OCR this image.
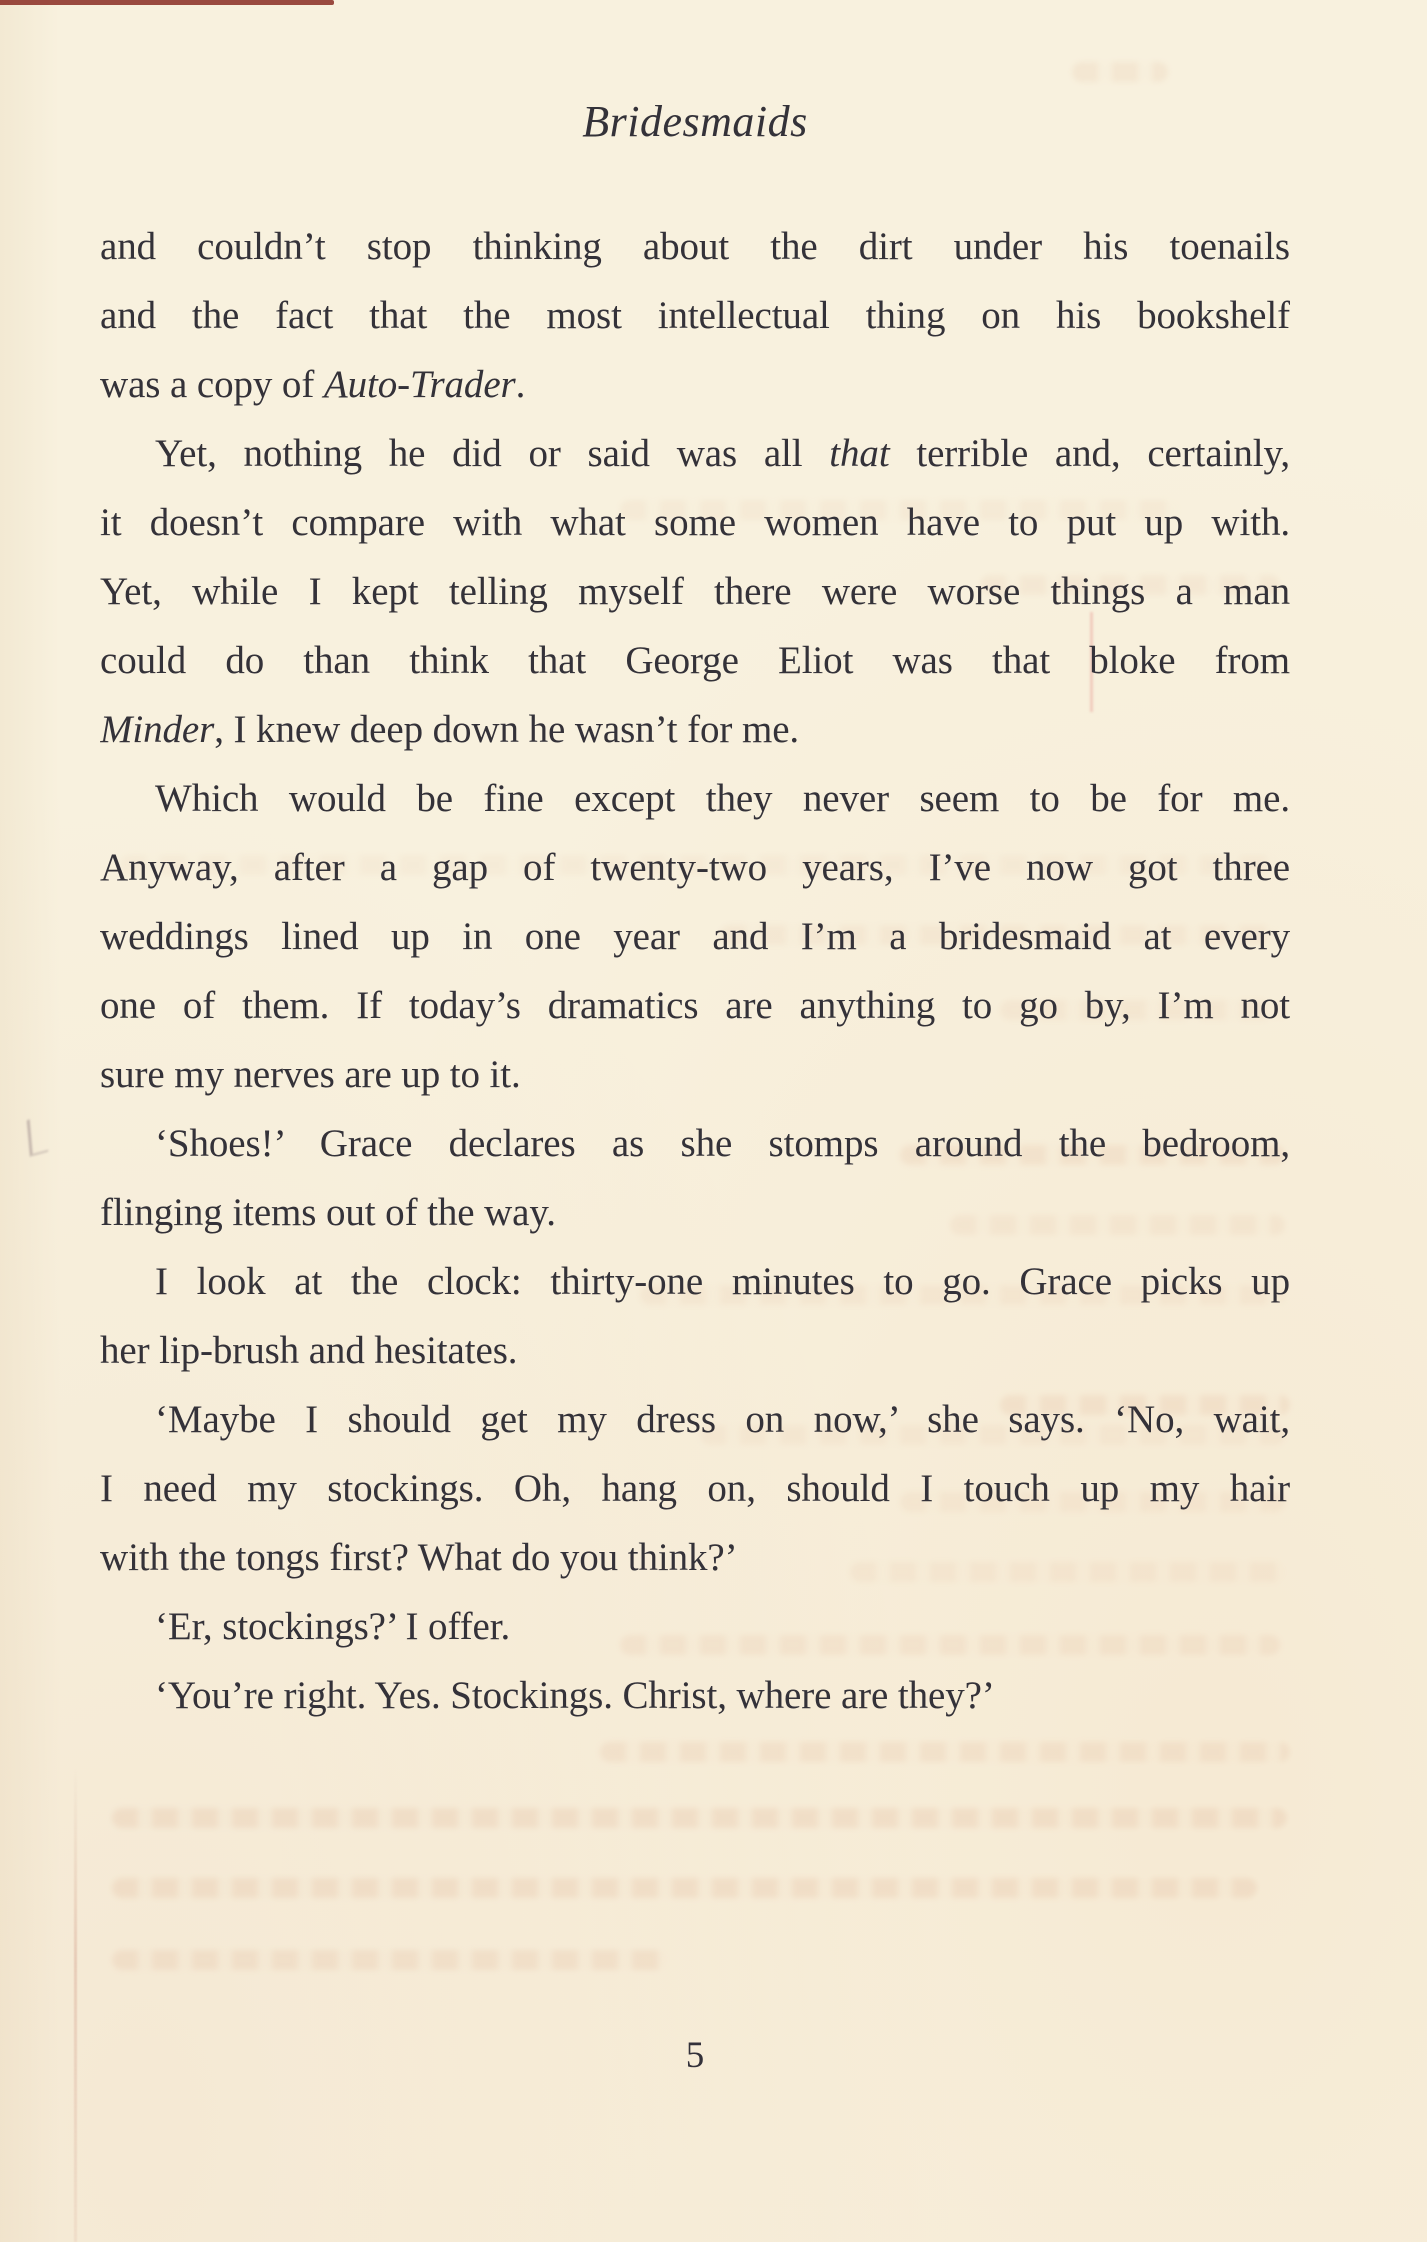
Bridesmaids
and couldn’t stop thinking about the dirt under his toenails
and the fact that the most intellectual thing on his bookshelf
was a copy of Auto-Trader.
Yet, nothing he did or said was all that terrible and, certainly,
it doesn’t compare with what some women have to put up with.
Yet, while I kept telling myself there were worse things a man
could do than think that George Eliot was that bloke from
Minder, I knew deep down he wasn’t for me.
Which would be fine except they never seem to be for me.
Anyway, after a gap of twenty-two years, I’ve now got three
weddings lined up in one year and I’m a bridesmaid at every
one of them. If today’s dramatics are anything to go by, I’m not
sure my nerves are up to it.
‘Shoes!’ Grace declares as she stomps around the bedroom,
flinging items out of the way.
I look at the clock: thirty-one minutes to go. Grace picks up
her lip-brush and hesitates.
‘Maybe I should get my dress on now,’ she says. ‘No, wait,
I need my stockings. Oh, hang on, should I touch up my hair
with the tongs first? What do you think?’
‘Er, stockings?’ I offer.
‘You’re right. Yes. Stockings. Christ, where are they?’
5
